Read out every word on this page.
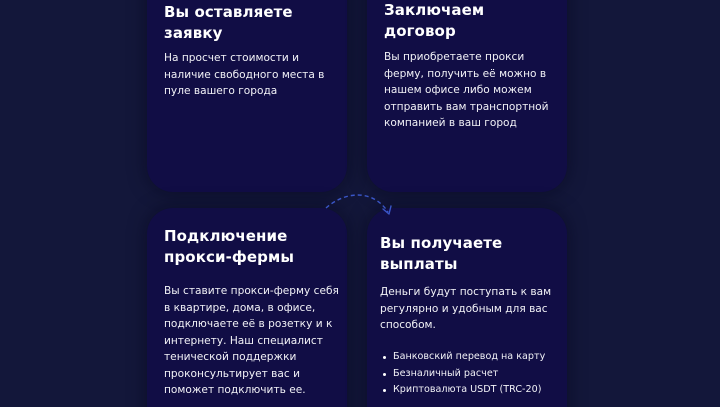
Вы оставляете заявку

На просчет стоимости и наличие свободного места в пуле вашего города

Заключаем договор

Вы приобретаете прокси ферму, получить её можно в нашем офисе либо можем отправить вам транспортной компанией в ваш город

Подключение прокси-фермы

Вы ставите прокси-ферму себя в квартире, дома, в офисе, подключаете её в розетку и к интернету. Наш специалист тенической поддержки проконсультирует вас и поможет подключить ее.

Вы получаете выплаты

Деньги будут поступать к вам регулярно и удобным для вас способом.

Банковский перевод на карту
Безналичный расчет
Криптовалюта USDT (TRC-20)
